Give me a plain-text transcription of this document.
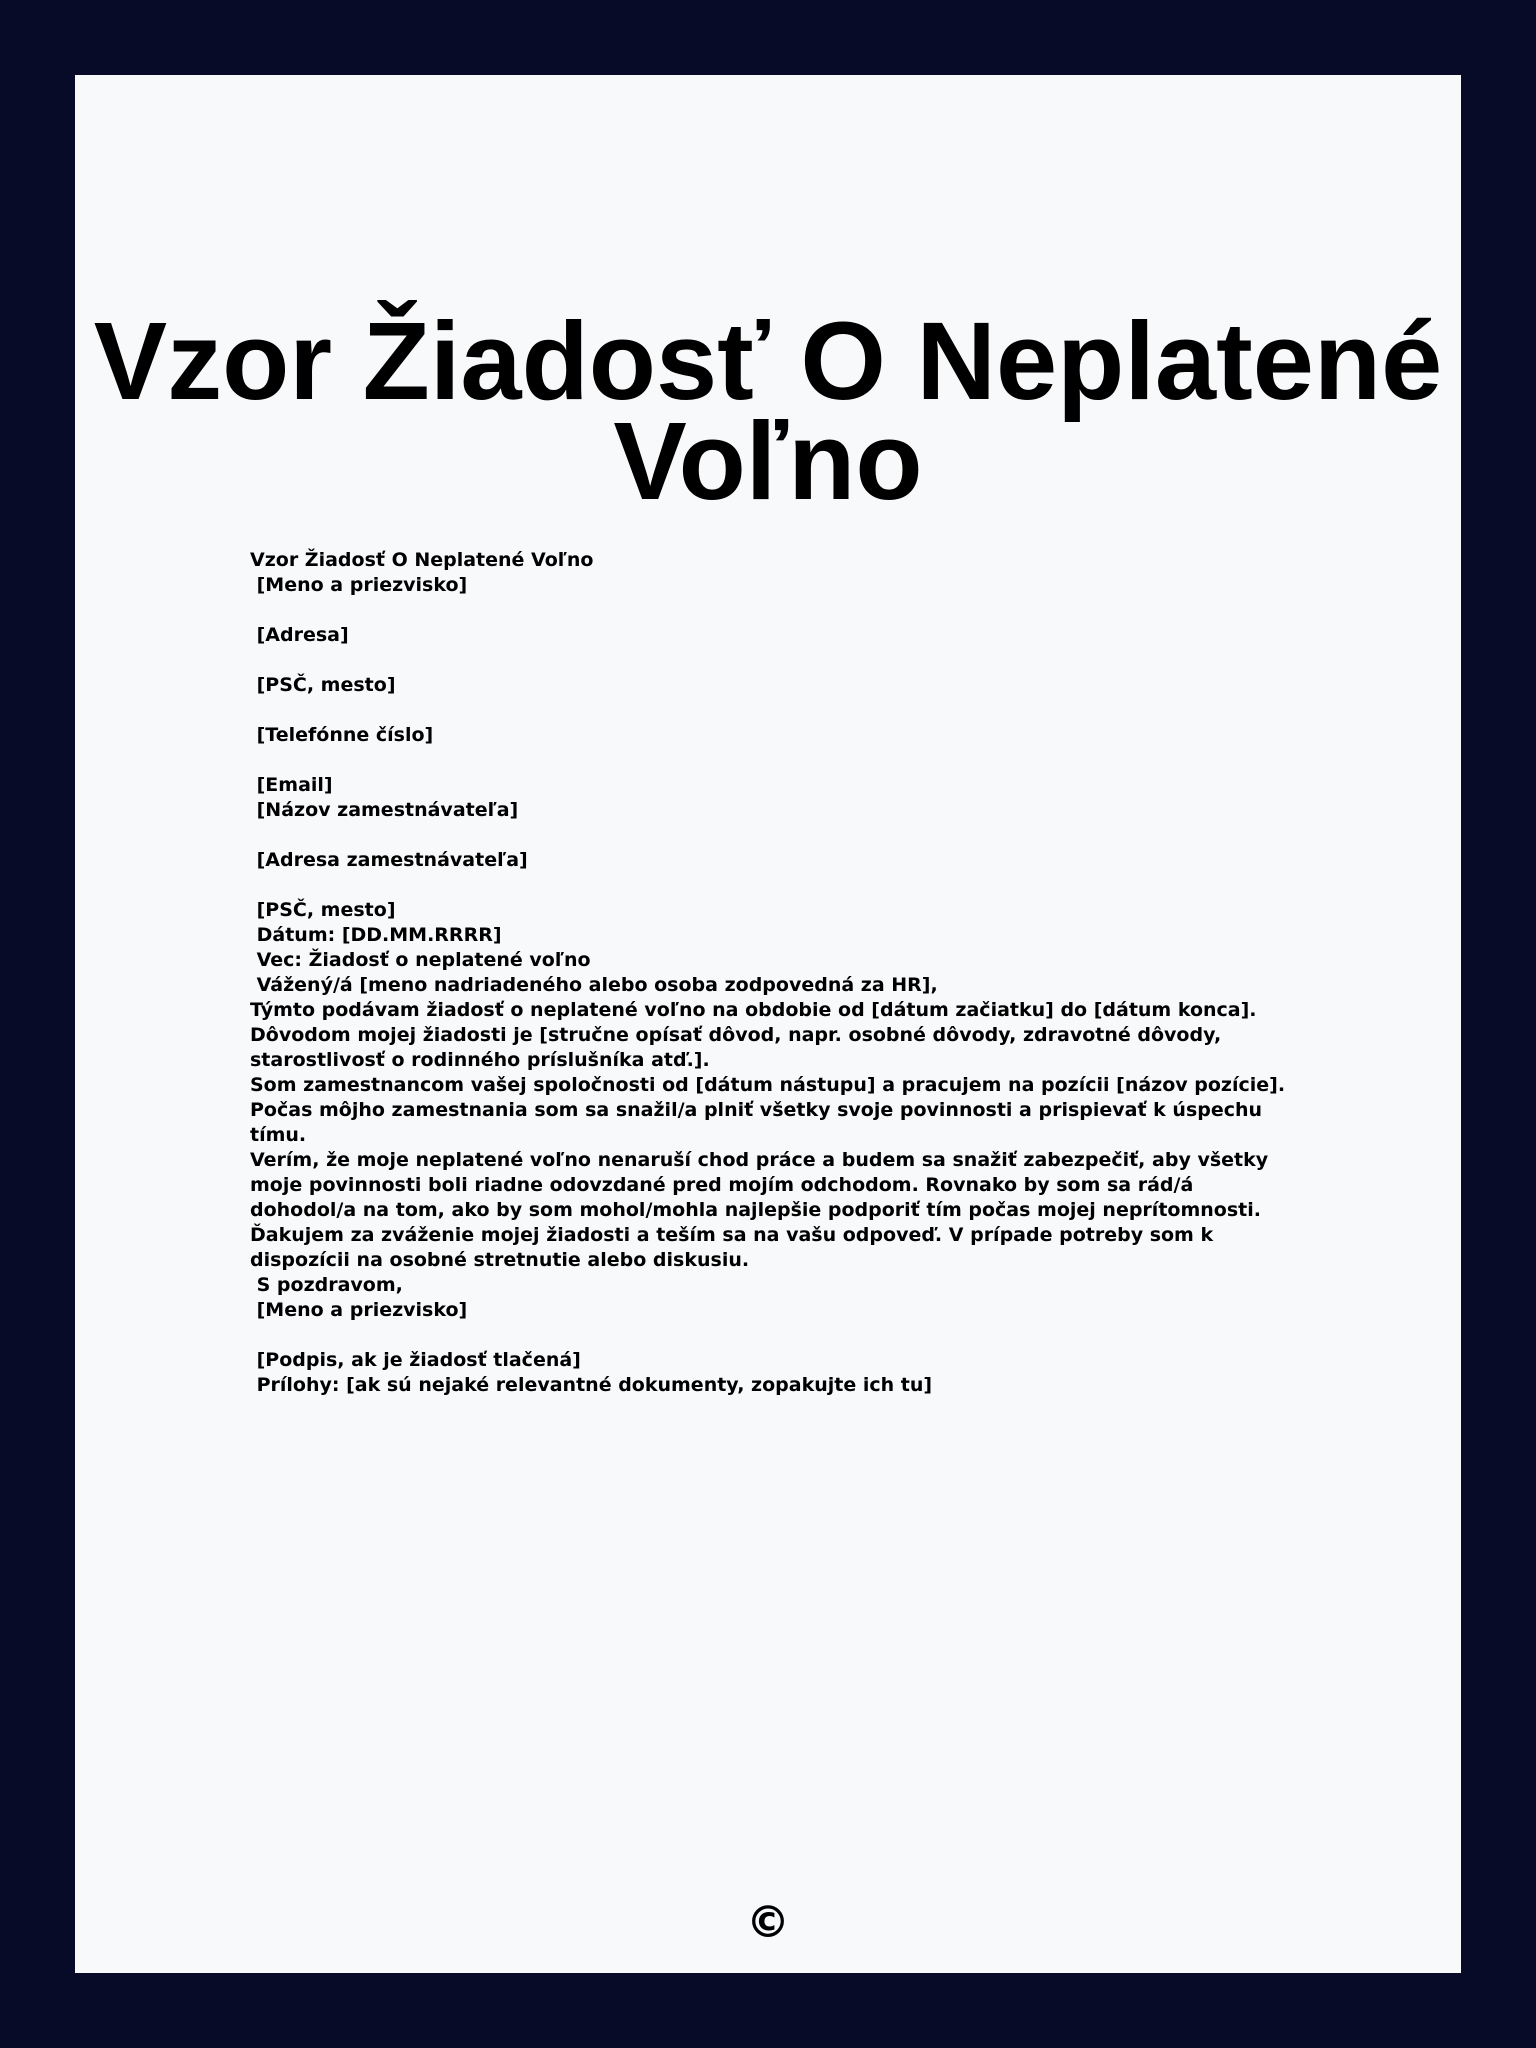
Vzor Žiadosť O Neplatené Voľno
Vzor Žiadosť O Neplatené Voľno
[Meno a priezvisko]
[Adresa]
[PSČ, mesto]
[Telefónne číslo]
[Email]
[Názov zamestnávateľa]
[Adresa zamestnávateľa]
[PSČ, mesto]
Dátum: [DD.MM.RRRR]
Vec: Žiadosť o neplatené voľno
Vážený/á [meno nadriadeného alebo osoba zodpovedná za HR],
Týmto podávam žiadosť o neplatené voľno na obdobie od [dátum začiatku] do [dátum konca]. Dôvodom mojej žiadosti je [stručne opísať dôvod, napr. osobné dôvody, zdravotné dôvody, starostlivosť o rodinného príslušníka atď.].
Som zamestnancom vašej spoločnosti od [dátum nástupu] a pracujem na pozícii [názov pozície]. Počas môjho zamestnania som sa snažil/a plniť všetky svoje povinnosti a prispievať k úspechu tímu.
Verím, že moje neplatené voľno nenaruší chod práce a budem sa snažiť zabezpečiť, aby všetky moje povinnosti boli riadne odovzdané pred mojím odchodom. Rovnako by som sa rád/á dohodol/a na tom, ako by som mohol/mohla najlepšie podporiť tím počas mojej neprítomnosti.
Ďakujem za zváženie mojej žiadosti a teším sa na vašu odpoveď. V prípade potreby som k dispozícii na osobné stretnutie alebo diskusiu.
S pozdravom,
[Meno a priezvisko]
[Podpis, ak je žiadosť tlačená]
Prílohy: [ak sú nejaké relevantné dokumenty, zopakujte ich tu]
©
